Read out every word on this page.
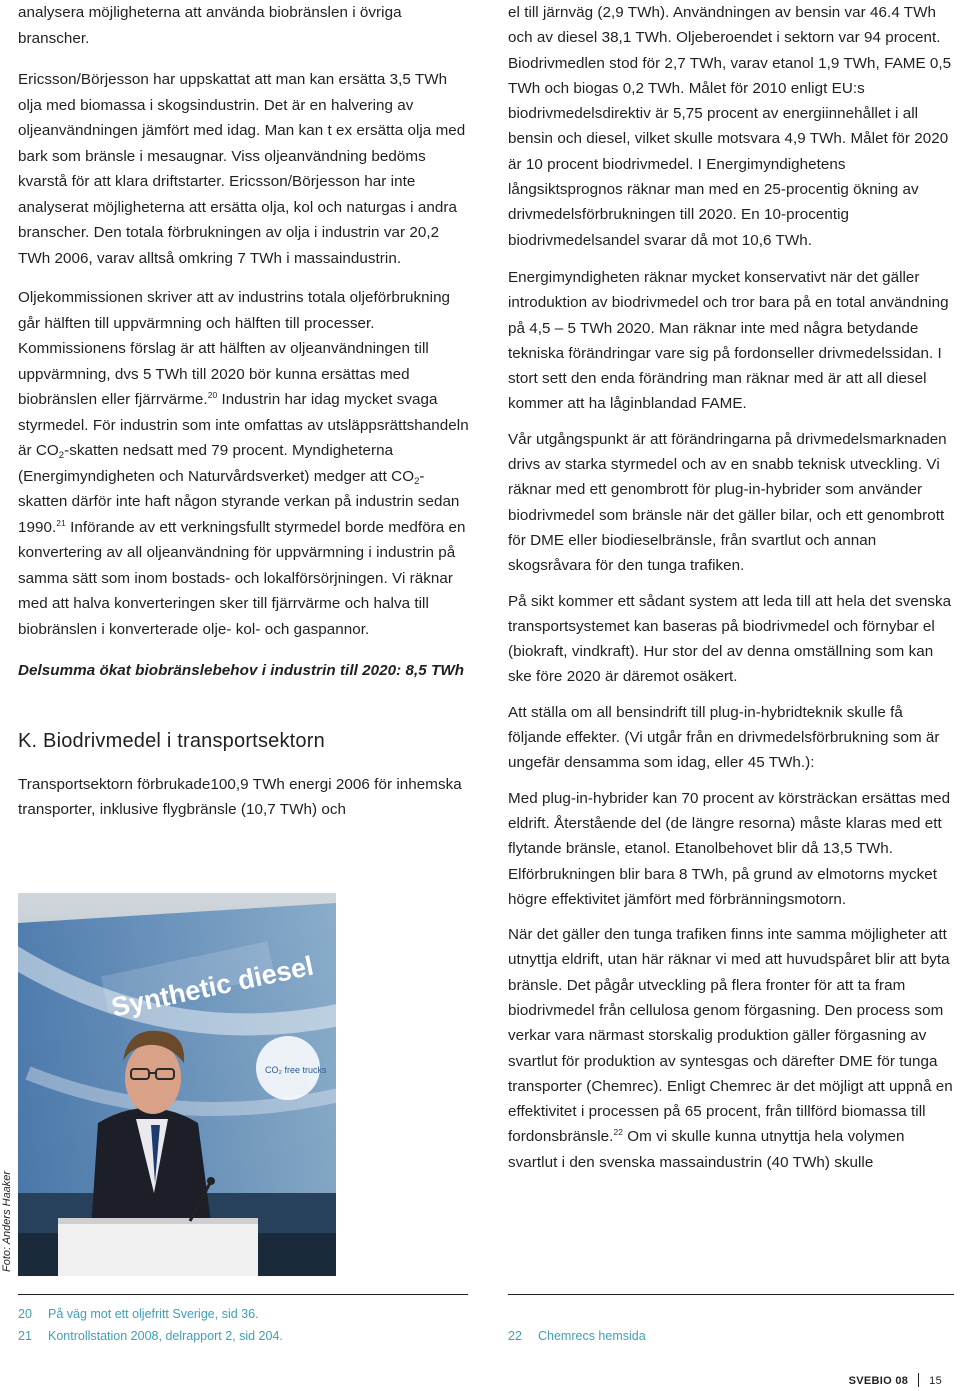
analysera möjligheterna att använda biobränslen i övriga branscher.

Ericsson/Börjesson har uppskattat att man kan ersätta 3,5 TWh olja med biomassa i skogsindustrin. Det är en halvering av oljeanvändningen jämfört med idag. Man kan t ex ersätta olja med bark som bränsle i mesaugnar. Viss oljeanvändning bedöms kvarstå för att klara driftstarter. Ericsson/Börjesson har inte analyserat möjligheterna att ersätta olja, kol och naturgas i andra branscher. Den totala förbrukningen av olja i industrin var 20,2 TWh 2006, varav alltså omkring 7 TWh i massaindustrin.

Oljekommissionen skriver att av industrins totala oljeförbrukning går hälften till uppvärmning och hälften till processer. Kommissionens förslag är att hälften av oljeanvändningen till uppvärmning, dvs 5 TWh till 2020 bör kunna ersättas med biobränslen eller fjärrvärme.$^{20}$ Industrin har idag mycket svaga styrmedel. För industrin som inte omfattas av utsläppsrättshandeln är $CO_2$-skatten nedsatt med 79 procent. Myndigheterna (Energimyndigheten och Naturvårdsverket) medger att $CO_2$-skatten därför inte haft någon styrande verkan på industrin sedan 1990.21 Införande av ett verkningsfullt styrmedel borde medföra en konvertering av all oljeanvändning för uppvärmning i industrin på samma sätt som inom bostads- och lokalförsörjningen. Vi räknar med att halva konverteringen sker till fjärrvärme och halva till biobränslen i konverterade olje- kol- och gaspannor.

Delsumma ökat biobränslebehov i industrin till 2020: 8,5 TWh

K. Biodrivmedel i transportsektorn

Transportsektorn förbrukade100,9 TWh energi 2006 för inhemska transporter, inklusive flygbränsle (10,7 TWh) och

Synthetic diesel
CO₂ free trucks
Foto: Anders Haaker

el till järnväg (2,9 TWh). Användningen av bensin var 46.4 TWh och av diesel 38,1 TWh. Oljeberoendet i sektorn var 94 procent. Biodrivmedlen stod för 2,7 TWh, varav etanol 1,9 TWh, FAME 0,5 TWh och biogas 0,2 TWh. Målet för 2010 enligt EU:s biodrivmedelsdirektiv är 5,75 procent av energiinnehållet i all bensin och diesel, vilket skulle motsvara 4,9 TWh. Målet för 2020 är 10 procent biodrivmedel. I Energimyndighetens långsiktsprognos räknar man med en 25-procentig ökning av drivmedelsförbrukningen till 2020. En 10-procentig biodrivmedelsandel svarar då mot 10,6 TWh.

Energimyndigheten räknar mycket konservativt när det gäller introduktion av biodrivmedel och tror bara på en total användning på 4,5 – 5 TWh 2020. Man räknar inte med några betydande tekniska förändringar vare sig på fordonseller drivmedelssidan. I stort sett den enda förändring man räknar med är att all diesel kommer att ha låginblandad FAME.

Vår utgångspunkt är att förändringarna på drivmedelsmarknaden drivs av starka styrmedel och av en snabb teknisk utveckling. Vi räknar med ett genombrott för plug-in-hybrider som använder biodrivmedel som bränsle när det gäller bilar, och ett genombrott för DME eller biodieselbränsle, från svartlut och annan skogsråvara för den tunga trafiken.

På sikt kommer ett sådant system att leda till att hela det svenska transportsystemet kan baseras på biodrivmedel och förnybar el (biokraft, vindkraft). Hur stor del av denna omställning som kan ske före 2020 är däremot osäkert.

Att ställa om all bensindrift till plug-in-hybridteknik skulle få följande effekter. (Vi utgår från en drivmedelsförbrukning som är ungefär densamma som idag, eller 45 TWh.):

Med plug-in-hybrider kan 70 procent av körsträckan ersättas med eldrift. Återstående del (de längre resorna) måste klaras med ett flytande bränsle, etanol. Etanolbehovet blir då 13,5 TWh. Elförbrukningen blir bara 8 TWh, på grund av elmotorns mycket högre effektivitet jämfört med förbränningsmotorn.

När det gäller den tunga trafiken finns inte samma möjligheter att utnyttja eldrift, utan här räknar vi med att huvudspåret blir att byta bränsle. Det pågår utveckling på flera fronter för att ta fram biodrivmedel från cellulosa genom förgasning. Den process som verkar vara närmast storskalig produktion gäller förgasning av svartlut för produktion av syntesgas och därefter DME för tunga transporter (Chemrec). Enligt Chemrec är det möjligt att uppnå en effektivitet i processen på 65 procent, från tillförd biomassa till fordonsbränsle.$^{22}$ Om vi skulle kunna utnyttja hela volymen svartlut i den svenska massaindustrin (40 TWh) skulle

20 På väg mot ett oljefritt Sverige, sid 36.
21 Kontrollstation 2008, delrapport 2, sid 204.	22 Chemrecs hemsida
SVEBIO 08 15
